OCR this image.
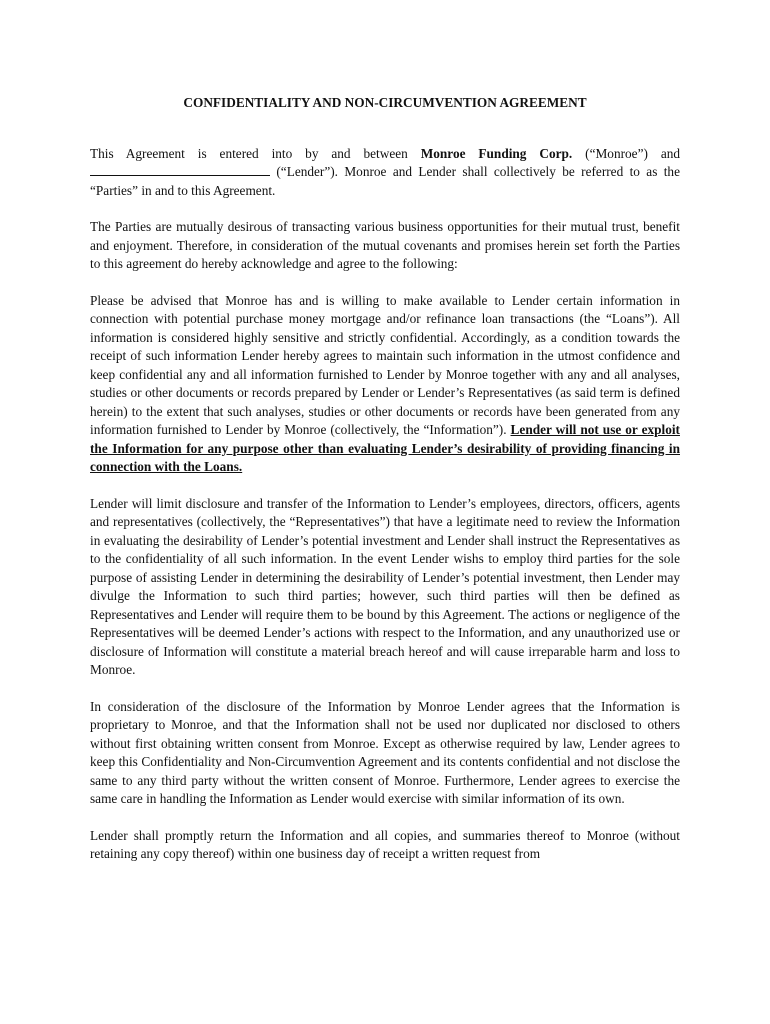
CONFIDENTIALITY AND NON-CIRCUMVENTION AGREEMENT

This Agreement is entered into by and between Monroe Funding Corp. (“Monroe”) and  (“Lender”). Monroe and Lender shall collectively be referred to as the “Parties” in and to this Agreement.

The Parties are mutually desirous of transacting various business opportunities for their mutual trust, benefit and enjoyment. Therefore, in consideration of the mutual covenants and promises herein set forth the Parties to this agreement do hereby acknowledge and agree to the following:

Please be advised that Monroe has and is willing to make available to Lender certain information in connection with potential purchase money mortgage and/or refinance loan transactions (the “Loans”). All information is considered highly sensitive and strictly confidential. Accordingly, as a condition towards the receipt of such information Lender hereby agrees to maintain such information in the utmost confidence and keep confidential any and all information furnished to Lender by Monroe together with any and all analyses, studies or other documents or records prepared by Lender or Lender’s Representatives (as said term is defined herein) to the extent that such analyses, studies or other documents or records have been generated from any information furnished to Lender by Monroe (collectively, the “Information”). Lender will not use or exploit the Information for any purpose other than evaluating Lender’s desirability of providing financing in connection with the Loans.

Lender will limit disclosure and transfer of the Information to Lender’s employees, directors, officers, agents and representatives (collectively, the “Representatives”) that have a legitimate need to review the Information in evaluating the desirability of Lender’s potential investment and Lender shall instruct the Representatives as to the confidentiality of all such information. In the event Lender wishs to employ third parties for the sole purpose of assisting Lender in determining the desirability of Lender’s potential investment, then Lender may divulge the Information to such third parties; however, such third parties will then be defined as Representatives and Lender will require them to be bound by this Agreement. The actions or negligence of the Representatives will be deemed Lender’s actions with respect to the Information, and any unauthorized use or disclosure of Information will constitute a material breach hereof and will cause irreparable harm and loss to Monroe.

In consideration of the disclosure of the Information by Monroe Lender agrees that the Information is proprietary to Monroe, and that the Information shall not be used nor duplicated nor disclosed to others without first obtaining written consent from Monroe. Except as otherwise required by law, Lender agrees to keep this Confidentiality and Non-Circumvention Agreement and its contents confidential and not disclose the same to any third party without the written consent of Monroe. Furthermore, Lender agrees to exercise the same care in handling the Information as Lender would exercise with similar information of its own.

Lender shall promptly return the Information and all copies, and summaries thereof to Monroe (without retaining any copy thereof) within one business day of receipt a written request from
